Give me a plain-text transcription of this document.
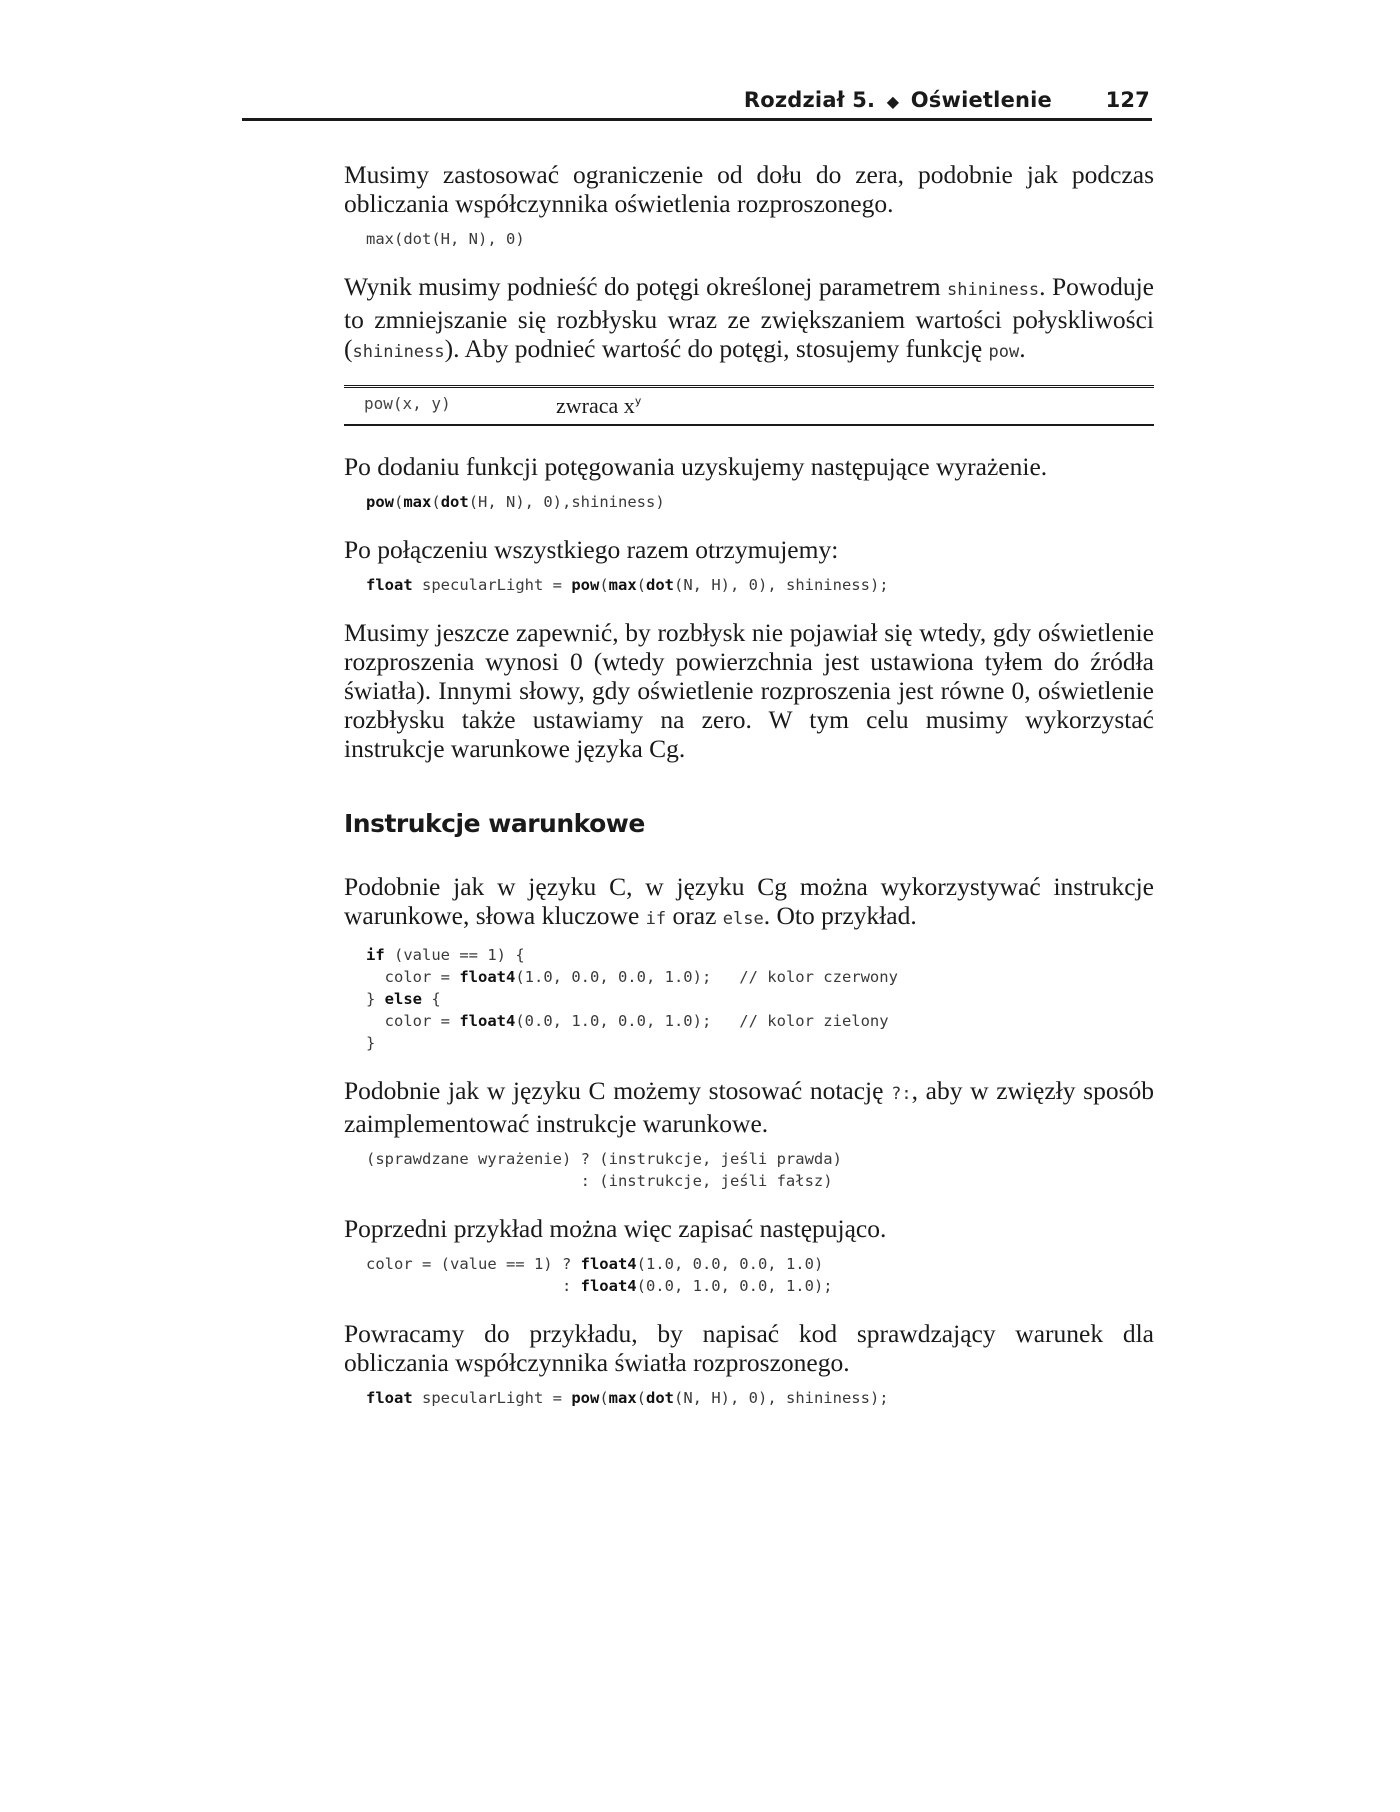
Rozdział 5. ◆ Oświetlenie	127

Musimy zastosować ograniczenie od dołu do zera, podobnie jak podczas obliczania współczynnika oświetlenia rozproszonego.

max(dot(H, N), 0)

Wynik musimy podnieść do potęgi określonej parametrem shininess. Powoduje to zmniejszanie się rozbłysku wraz ze zwiększaniem wartości połyskliwości (shininess). Aby podnieć wartość do potęgi, stosujemy funkcję pow.

pow(x, y)	zwraca $x^y$

Po dodaniu funkcji potęgowania uzyskujemy następujące wyrażenie.

pow(max(dot(H, N), 0),shininess)

Po połączeniu wszystkiego razem otrzymujemy:

float specularLight = pow(max(dot(N, H), 0), shininess);

Musimy jeszcze zapewnić, by rozbłysk nie pojawiał się wtedy, gdy oświetlenie rozproszenia wynosi 0 (wtedy powierzchnia jest ustawiona tyłem do źródła światła). Innymi słowy, gdy oświetlenie rozproszenia jest równe 0, oświetlenie rozbłysku także ustawiamy na zero. W tym celu musimy wykorzystać instrukcje warunkowe języka Cg.

Instrukcje warunkowe

Podobnie jak w języku C, w języku Cg można wykorzystywać instrukcje warunkowe, słowa kluczowe if oraz else. Oto przykład.

if (value == 1) {
color = float4(1.0, 0.0, 0.0, 1.0);   // kolor czerwony
} else {
color = float4(0.0, 1.0, 0.0, 1.0);   // kolor zielony
}

Podobnie jak w języku C możemy stosować notację ?:, aby w zwięzły sposób zaimplementować instrukcje warunkowe.

(sprawdzane wyrażenie) ? (instrukcje, jeśli prawda)
: (instrukcje, jeśli fałsz)

Poprzedni przykład można więc zapisać następująco.

color = (value == 1) ? float4(1.0, 0.0, 0.0, 1.0)
: float4(0.0, 1.0, 0.0, 1.0);

Powracamy do przykładu, by napisać kod sprawdzający warunek dla obliczania współczynnika światła rozproszonego.

float specularLight = pow(max(dot(N, H), 0), shininess);
